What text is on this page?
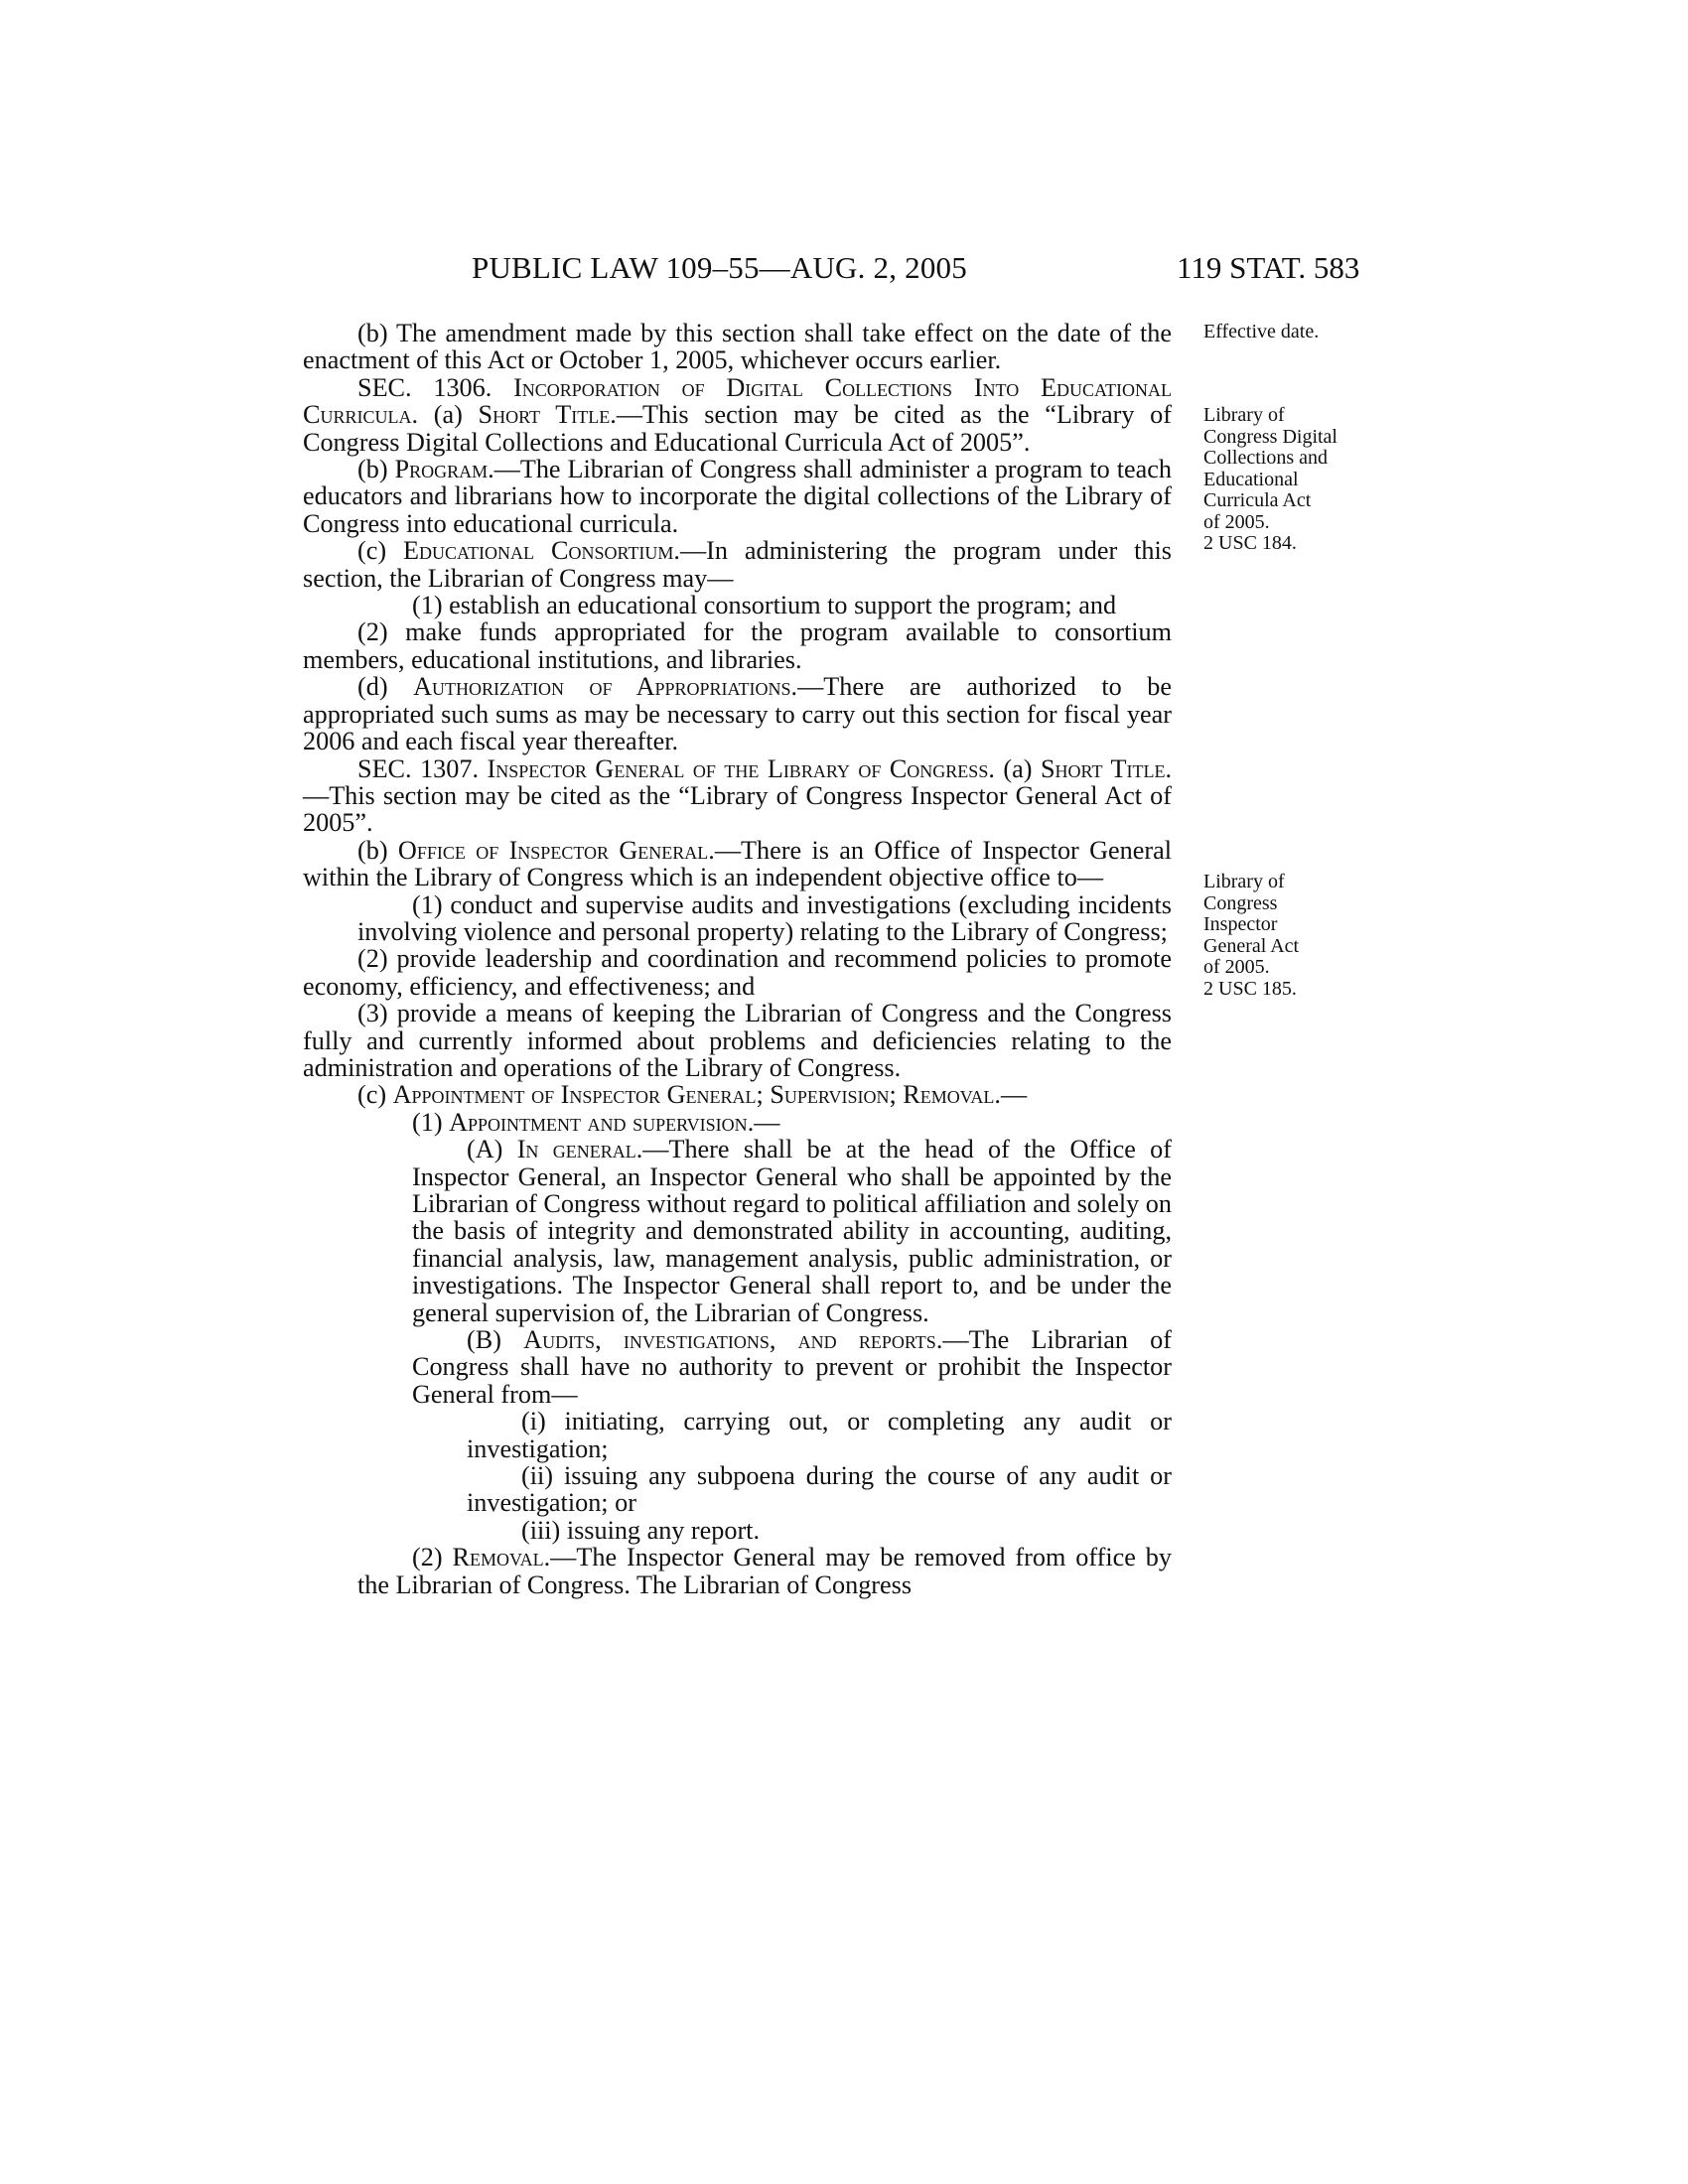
PUBLIC LAW 109–55—AUG. 2, 2005	119 STAT. 583
Effective date.
Library of
Congress Digital
Collections and
Educational
Curricula Act
of 2005.
2 USC 184.
Library of
Congress
Inspector
General Act
of 2005.
2 USC 185.

(b) The amendment made by this section shall take effect on the date of the enactment of this Act or October 1, 2005, whichever occurs earlier.

SEC. 1306. Incorporation of Digital Collections Into Educational Curricula. (a) Short Title.—This section may be cited as the “Library of Congress Digital Collections and Educational Curricula Act of 2005”.

(b) Program.—The Librarian of Congress shall administer a program to teach educators and librarians how to incorporate the digital collections of the Library of Congress into educational curricula.

(c) Educational Consortium.—In administering the program under this section, the Librarian of Congress may—

(1) establish an educational consortium to support the program; and

(2) make funds appropriated for the program available to consortium members, educational institutions, and libraries.

(d) Authorization of Appropriations.—There are authorized to be appropriated such sums as may be necessary to carry out this section for fiscal year 2006 and each fiscal year thereafter.

SEC. 1307. Inspector General of the Library of Congress. (a) Short Title.—This section may be cited as the “Library of Congress Inspector General Act of 2005”.

(b) Office of Inspector General.—There is an Office of Inspector General within the Library of Congress which is an independent objective office to—

(1) conduct and supervise audits and investigations (excluding incidents involving violence and personal property) relating to the Library of Congress;

(2) provide leadership and coordination and recommend policies to promote economy, efficiency, and effectiveness; and

(3) provide a means of keeping the Librarian of Congress and the Congress fully and currently informed about problems and deficiencies relating to the administration and operations of the Library of Congress.

(c) Appointment of Inspector General; Supervision; Removal.—

(1) Appointment and supervision.—

(A) In general.—There shall be at the head of the Office of Inspector General, an Inspector General who shall be appointed by the Librarian of Congress without regard to political affiliation and solely on the basis of integrity and demonstrated ability in accounting, auditing, financial analysis, law, management analysis, public administration, or investigations. The Inspector General shall report to, and be under the general supervision of, the Librarian of Congress.

(B) Audits, investigations, and reports.—The Librarian of Congress shall have no authority to prevent or prohibit the Inspector General from—

(i) initiating, carrying out, or completing any audit or investigation;

(ii) issuing any subpoena during the course of any audit or investigation; or

(iii) issuing any report.

(2) Removal.—The Inspector General may be removed from office by the Librarian of Congress. The Librarian of Congress
